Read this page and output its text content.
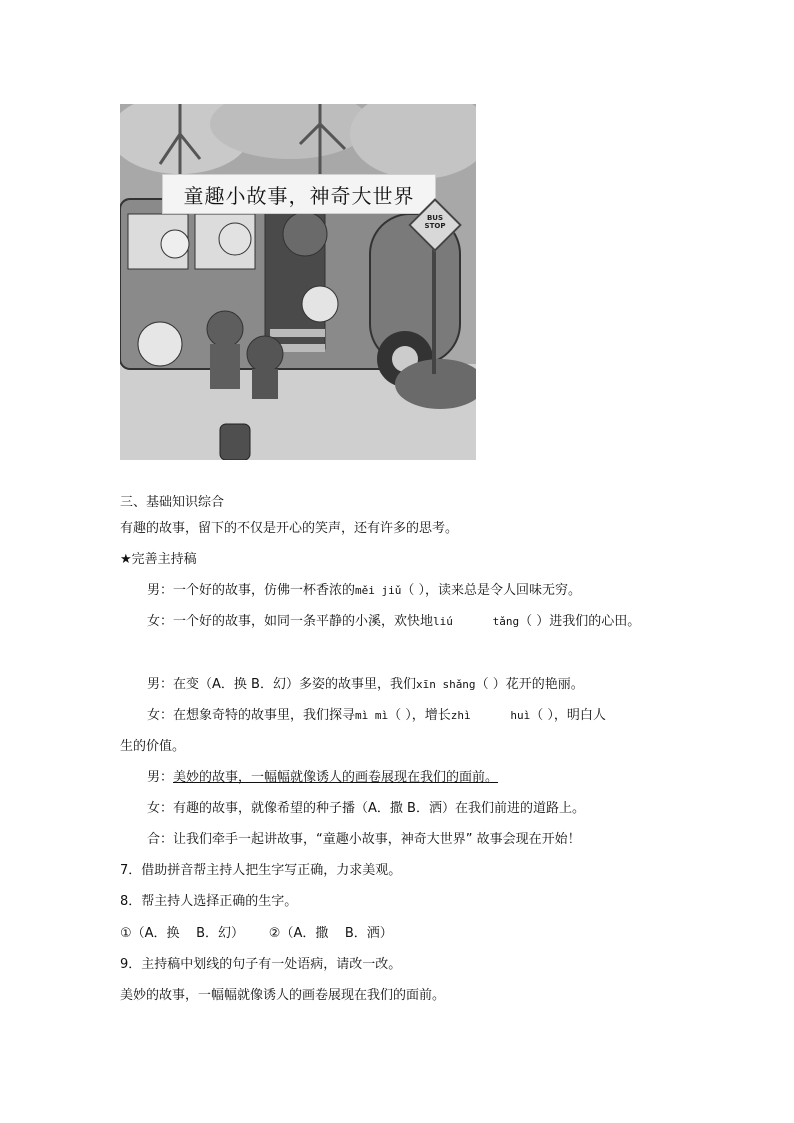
童趣小故事，神奇大世界
BUS
STOP
三、基础知识综合
有趣的故事，留下的不仅是开心的笑声，还有许多的思考。
★完善主持稿
男：一个好的故事，仿佛一杯香浓的měi jiǔ（ ），读来总是令人回味无穷。
女：一个好的故事，如同一条平静的小溪，欢快地liú      tǎng（ ）进我们的心田。
男：在变（A．换 B．幻）多姿的故事里，我们xīn shǎng（ ）花开的艳丽。
女：在想象奇特的故事里，我们探寻mì mì（ ），增长zhì      huì（ ），明白人
生的价值。
男：美妙的故事，一幅幅就像诱人的画卷展现在我们的面前。
女：有趣的故事，就像希望的种子播（A．撒 B．洒）在我们前进的道路上。
合：让我们牵手一起讲故事，“童趣小故事，神奇大世界” 故事会现在开始！
7．借助拼音帮主持人把生字写正确，力求美观。
8．帮主持人选择正确的生字。
①（A．换    B．幻）      ②（A．撒    B．洒）
9．主持稿中划线的句子有一处语病，请改一改。
美妙的故事，一幅幅就像诱人的画卷展现在我们的面前。
